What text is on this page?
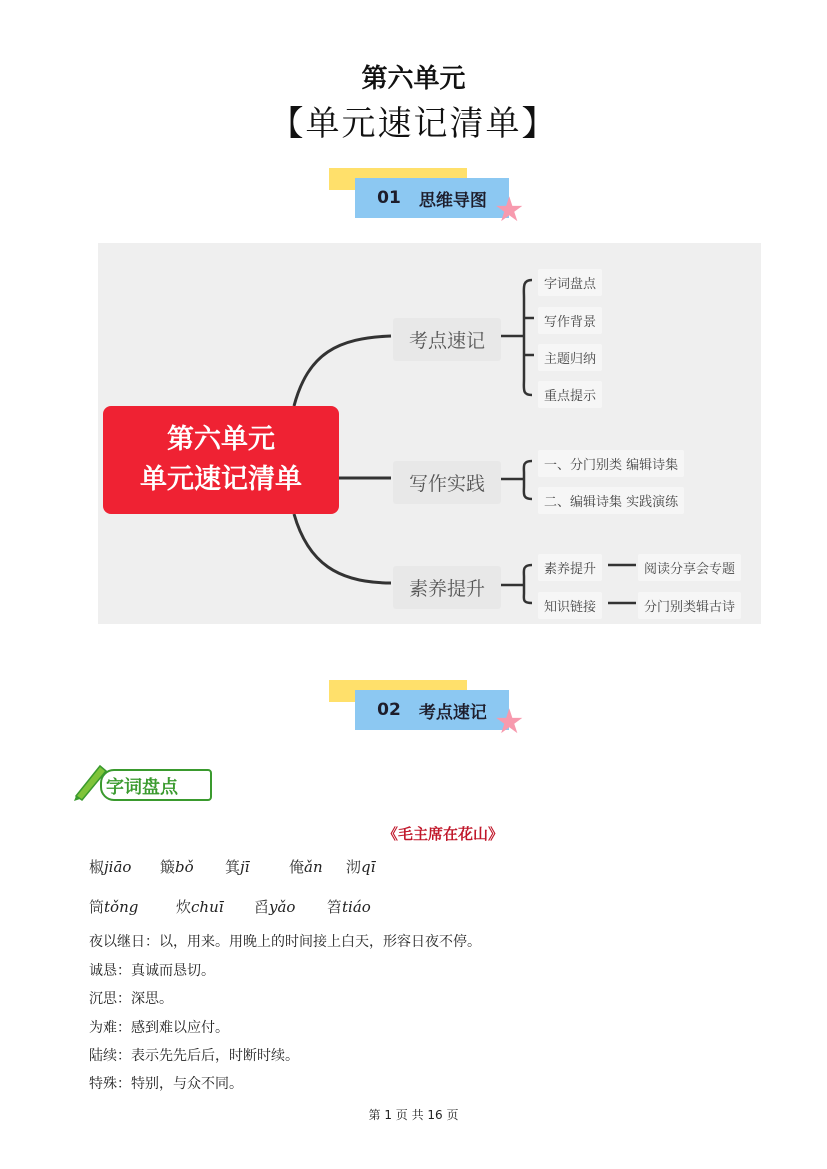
第六单元
【单元速记清单】
01 思维导图 ★
考点速记
写作实践
素养提升
字词盘点
写作背景
主题归纳
重点提示
一、分门别类 编辑诗集
二、编辑诗集 实践演练
素养提升
知识链接
阅读分享会专题
分门别类辑古诗
第六单元
单元速记清单
02 考点速记 ★
字词盘点
《毛主席在花山》
椒jiāo 簸bǒ 箕jī	俺ǎn 沏qī
筒tǒng	炊chuī 舀yǎo 笤tiáo
夜以继日：以，用来。用晚上的时间接上白天，形容日夜不停。
诚恳：真诚而恳切。
沉思：深思。
为难：感到难以应付。
陆续：表示先先后后，时断时续。
特殊：特别，与众不同。
第 1 页 共 16 页
